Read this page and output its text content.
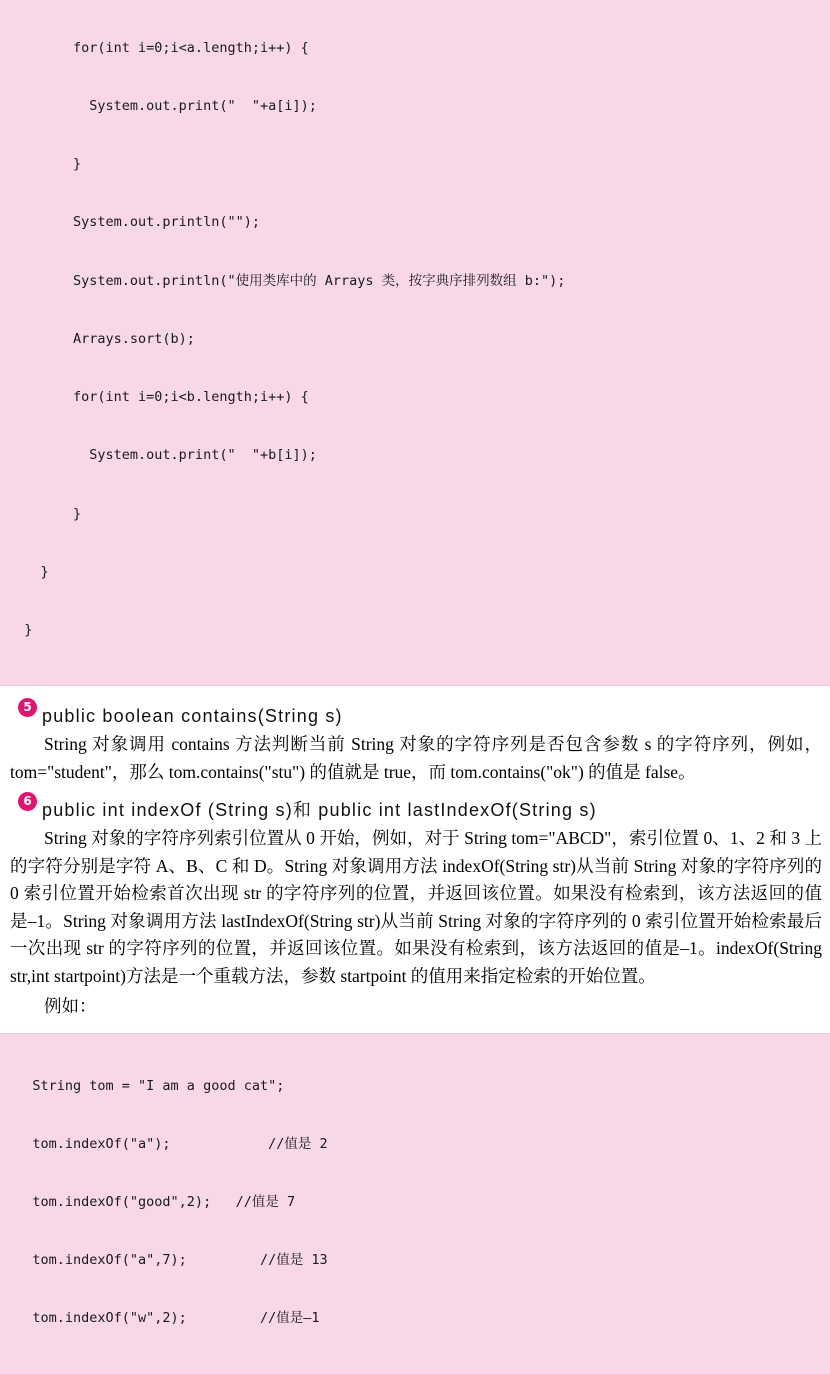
for(int i=0;i<a.length;i++) {

System.out.print("  "+a[i]);

}

System.out.println("");

System.out.println("使用类库中的 Arrays 类，按字典序排列数组 b:");

Arrays.sort(b);

for(int i=0;i<b.length;i++) {

System.out.print("  "+b[i]);

}

}

}

5 public boolean contains(String s)

String 对象调用 contains 方法判断当前 String 对象的字符序列是否包含参数 s 的字符序列，例如，tom="student"，那么 tom.contains("stu") 的值就是 true，而 tom.contains("ok") 的值是 false。

6 public int indexOf (String s)和 public int lastIndexOf(String s)

String 对象的字符序列索引位置从 0 开始，例如，对于 String tom="ABCD"，索引位置 0、1、2 和 3 上的字符分别是字符 A、B、C 和 D。String 对象调用方法 indexOf(String str)从当前 String 对象的字符序列的 0 索引位置开始检索首次出现 str 的字符序列的位置，并返回该位置。如果没有检索到，该方法返回的值是–1。String 对象调用方法 lastIndexOf(String str)从当前 String 对象的字符序列的 0 索引位置开始检索最后一次出现 str 的字符序列的位置，并返回该位置。如果没有检索到，该方法返回的值是–1。indexOf(String str,int startpoint)方法是一个重载方法，参数 startpoint 的值用来指定检索的开始位置。

例如：

String tom = "I am a good cat";

tom.indexOf("a");            //值是 2

tom.indexOf("good",2);   //值是 7

tom.indexOf("a",7);         //值是 13

tom.indexOf("w",2);         //值是–1
